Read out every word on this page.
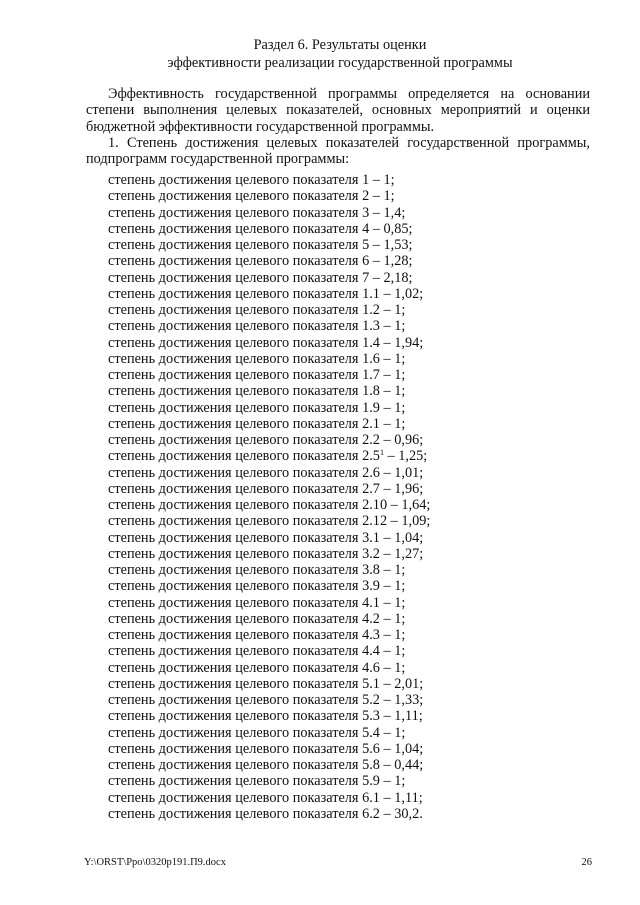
Раздел 6. Результаты оценки
эффективности реализации государственной программы

Эффективность государственной программы определяется на основании степени выполнения целевых показателей, основных мероприятий и оценки бюджетной эффективности государственной программы.

1. Степень достижения целевых показателей государственной программы, подпрограмм государственной программы:

степень достижения целевого показателя 1 – 1;
степень достижения целевого показателя 2 – 1;
степень достижения целевого показателя 3 – 1,4;
степень достижения целевого показателя 4 – 0,85;
степень достижения целевого показателя 5 – 1,53;
степень достижения целевого показателя 6 – 1,28;
степень достижения целевого показателя 7 – 2,18;
степень достижения целевого показателя 1.1 – 1,02;
степень достижения целевого показателя 1.2 – 1;
степень достижения целевого показателя 1.3 – 1;
степень достижения целевого показателя 1.4 – 1,94;
степень достижения целевого показателя 1.6 – 1;
степень достижения целевого показателя 1.7 – 1;
степень достижения целевого показателя 1.8 – 1;
степень достижения целевого показателя 1.9 – 1;
степень достижения целевого показателя 2.1 – 1;
степень достижения целевого показателя 2.2 – 0,96;
степень достижения целевого показателя $2.5^1 - 1,25$;
степень достижения целевого показателя 2.6 – 1,01;
степень достижения целевого показателя 2.7 – 1,96;
степень достижения целевого показателя 2.10 – 1,64;
степень достижения целевого показателя 2.12 – 1,09;
степень достижения целевого показателя 3.1 – 1,04;
степень достижения целевого показателя 3.2 – 1,27;
степень достижения целевого показателя 3.8 – 1;
степень достижения целевого показателя 3.9 – 1;
степень достижения целевого показателя 4.1 – 1;
степень достижения целевого показателя 4.2 – 1;
степень достижения целевого показателя 4.3 – 1;
степень достижения целевого показателя 4.4 – 1;
степень достижения целевого показателя 4.6 – 1;
степень достижения целевого показателя 5.1 – 2,01;
степень достижения целевого показателя 5.2 – 1,33;
степень достижения целевого показателя 5.3 – 1,11;
степень достижения целевого показателя 5.4 – 1;
степень достижения целевого показателя 5.6 – 1,04;
степень достижения целевого показателя 5.8 – 0,44;
степень достижения целевого показателя 5.9 – 1;
степень достижения целевого показателя 6.1 – 1,11;
степень достижения целевого показателя 6.2 – 30,2.
Y:\ORST\Ppo\0320p191.П9.docx	26
